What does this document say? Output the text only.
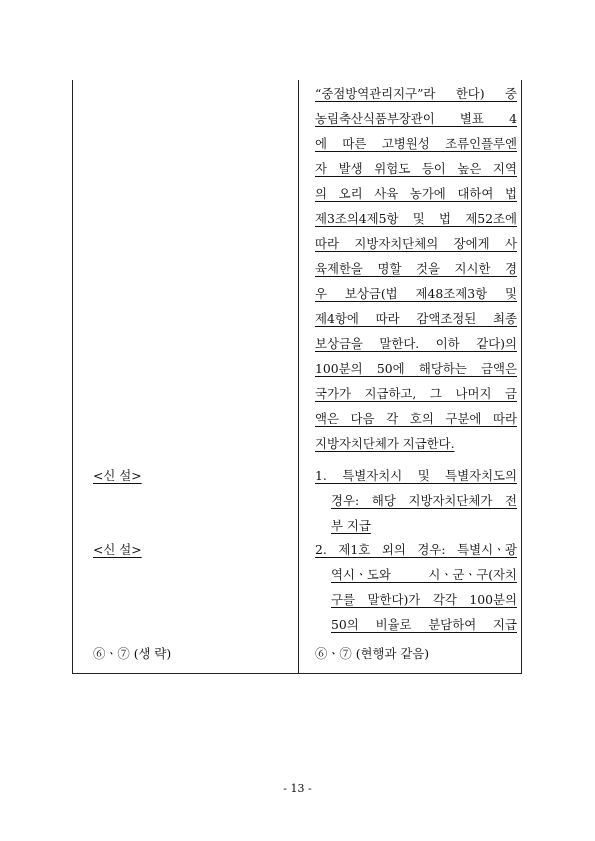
“중점방역관리지구”라 한다) 중
농림축산식품부장관이 별표 4
에 따른 고병원성 조류인플루엔
자 발생 위험도 등이 높은 지역
의 오리 사육 농가에 대하여 법
제3조의4제5항 및 법 제52조에
따라 지방자치단체의 장에게 사
육제한을 명할 것을 지시한 경
우 보상금(법 제48조제3항 및
제4항에 따라 감액조정된 최종
보상금을 말한다. 이하 같다)의
100분의 50에 해당하는 금액은
국가가 지급하고, 그 나머지 금
액은 다음 각 호의 구분에 따라
지방자치단체가 지급한다.
<신 설>	1. 특별자치시 및 특별자치도의
경우: 해당 지방자치단체가 전
부 지급
<신 설>	2. 제1호 외의 경우: 특별시ㆍ광
역시ㆍ도와 시ㆍ군ㆍ구(자치
구를 말한다)가 각각 100분의
50의 비율로 분담하여 지급
⑥ㆍ⑦ (생 략)	⑥ㆍ⑦ (현행과 같음)
- 13 -
